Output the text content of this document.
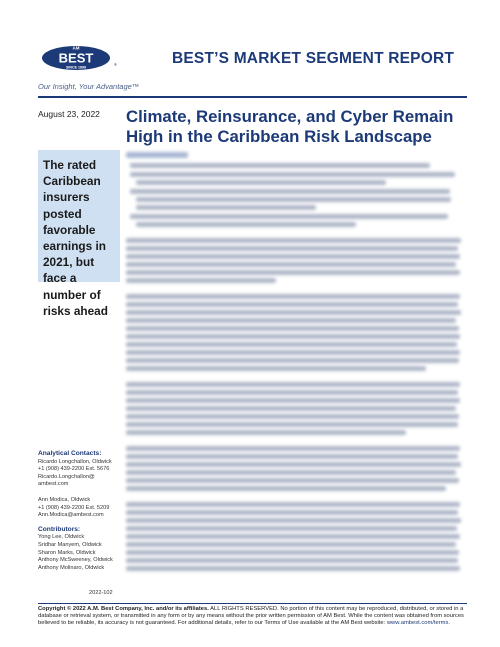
AM
BEST
SINCE 1899
®	BEST’S MARKET SEGMENT REPORT
Our Insight, Your Advantage™
August 23, 2022
The rated Caribbean insurers posted favorable earnings in 2021, but face a number of risks ahead
Analytical Contacts:
Ricardo Longchallon, Oldwick
+1 (908) 439-2200 Ext. 5676
Ricardo.Longchallon@
ambest.com
Ann Modica, Oldwick
+1 (908) 439-2200 Ext. 5209
Ann.Modica@ambest.com
Contributors:
Yong Lee, Oldwick
Sridhar Manyem, Oldwick
Sharon Marks, Oldwick
Anthony McSweeney, Oldwick
Anthony Molinaro, Oldwick
2022-102
Climate, Reinsurance, and Cyber Remain High in the Caribbean Risk Landscape
Copyright © 2022 A.M. Best Company, Inc. and/or its affiliates. ALL RIGHTS RESERVED. No portion of this content may be reproduced, distributed, or stored in a database or retrieval system, or transmitted in any form or by any means without the prior written permission of AM Best. While the content was obtained from sources believed to be reliable, its accuracy is not guaranteed. For additional details, refer to our Terms of Use available at the AM Best website: www.ambest.com/terms.
